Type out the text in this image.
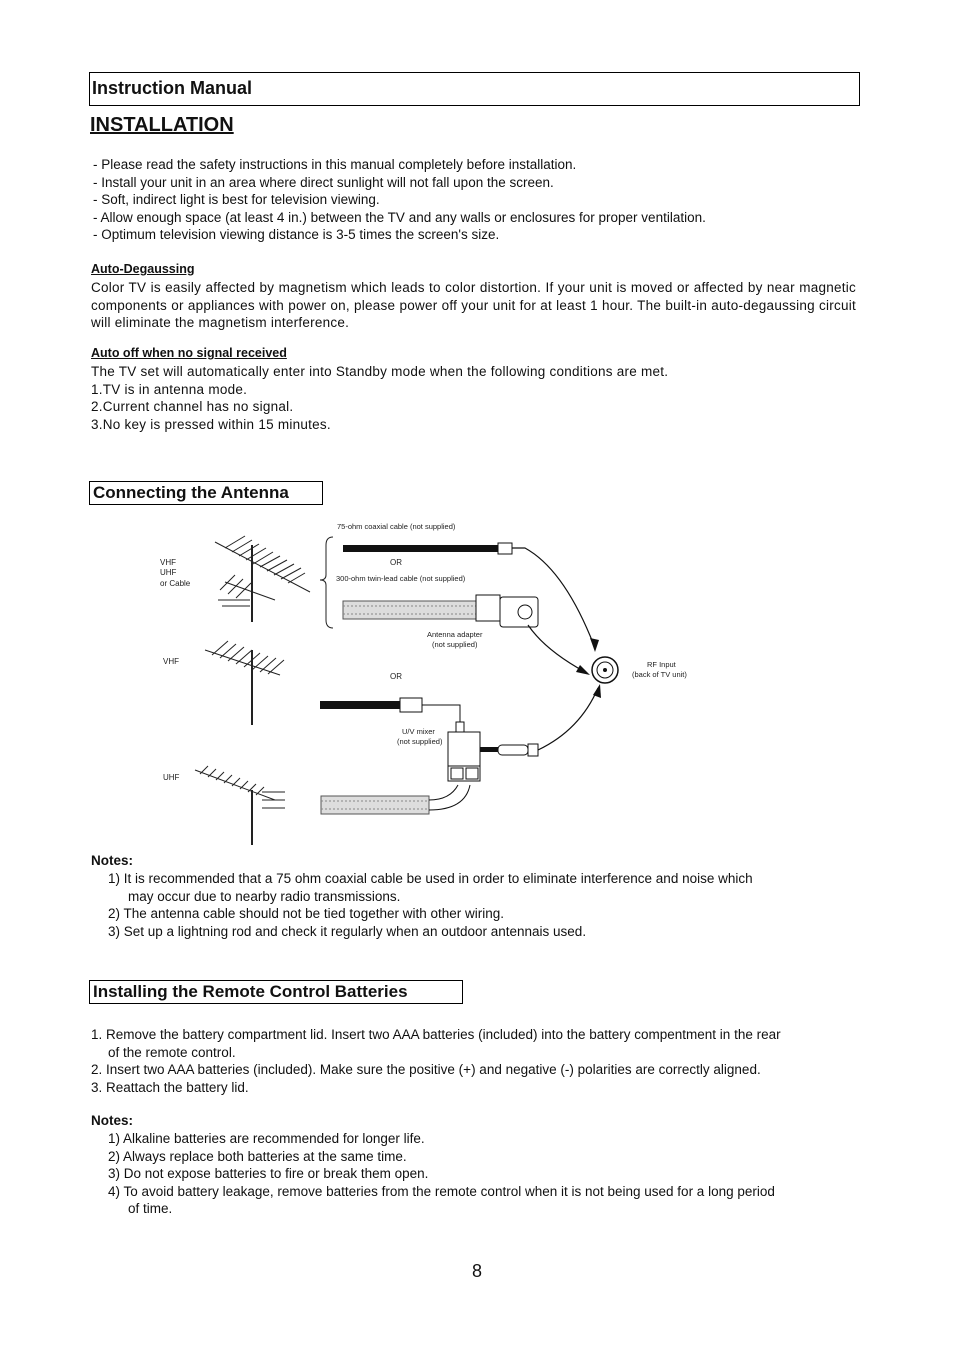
Instruction Manual
INSTALLATION

- Please read the safety instructions in this manual completely before installation.

- Install your unit in an area where direct sunlight will not fall upon the screen.

- Soft, indirect light is best for television viewing.

- Allow enough space (at least 4 in.) between the TV and any walls or enclosures for proper ventilation.

- Optimum television viewing distance is 3-5 times the screen's size.

Auto-Degaussing
Color TV is easily affected by magnetism which leads to color distortion. If your unit is moved or affected by near magnetic components or appliances with power on, please power off your unit for at least 1 hour. The built-in auto-degaussing circuit will eliminate the magnetism interference.
Auto off when no signal received

The TV set will automatically enter into Standby mode when the following conditions are met.

1.TV is in antenna mode.

2.Current channel has no signal.

3.No key is pressed within 15 minutes.

Connecting the Antenna
VHF
UHF
or Cable
VHF
UHF
75-ohm coaxial cable (not supplied)
OR
300-ohm twin-lead cable (not supplied)
Antenna adapter
(not supplied)
RF Input
(back of TV unit)
OR
U/V mixer
(not supplied)
Notes:

1) It is recommended that a 75 ohm coaxial cable be used in order to eliminate interference and noise which

may occur due to nearby radio transmissions.

2) The antenna cable should not be tied together with other wiring.

3) Set up a lightning rod and check it regularly when an outdoor antennais used.

Installing the Remote Control Batteries

1. Remove the battery compartment lid. Insert two AAA batteries (included) into the battery compentment in the rear

of the remote control.

2. Insert two AAA batteries (included). Make sure the positive (+) and negative (-) polarities are correctly aligned.

3. Reattach the battery lid.

Notes:

1) Alkaline batteries are recommended for longer life.

2) Always replace both batteries at the same time.

3) Do not expose batteries to fire or break them open.

4) To avoid battery leakage, remove batteries from the remote control when it is not being used for a long period

of time.

8
